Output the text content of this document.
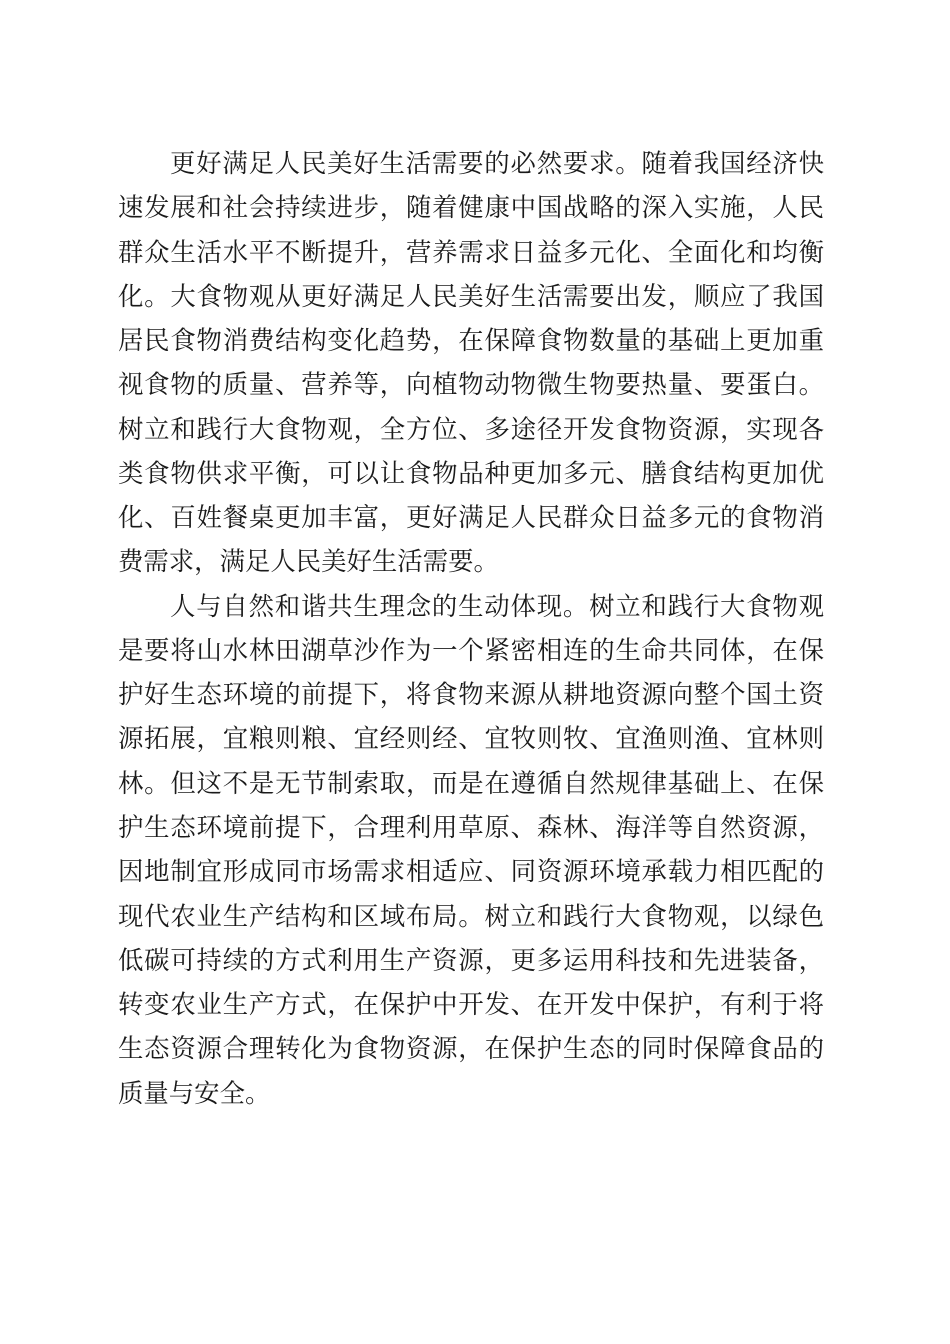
更好满足人民美好生活需要的必然要求。随着我国经济快
速发展和社会持续进步，随着健康中国战略的深入实施，人民
群众生活水平不断提升，营养需求日益多元化、全面化和均衡
化。大食物观从更好满足人民美好生活需要出发，顺应了我国
居民食物消费结构变化趋势，在保障食物数量的基础上更加重
视食物的质量、营养等，向植物动物微生物要热量、要蛋白。
树立和践行大食物观，全方位、多途径开发食物资源，实现各
类食物供求平衡，可以让食物品种更加多元、膳食结构更加优
化、百姓餐桌更加丰富，更好满足人民群众日益多元的食物消
费需求，满足人民美好生活需要。
人与自然和谐共生理念的生动体现。树立和践行大食物观
是要将山水林田湖草沙作为一个紧密相连的生命共同体，在保
护好生态环境的前提下，将食物来源从耕地资源向整个国土资
源拓展，宜粮则粮、宜经则经、宜牧则牧、宜渔则渔、宜林则
林。但这不是无节制索取，而是在遵循自然规律基础上、在保
护生态环境前提下，合理利用草原、森林、海洋等自然资源，
因地制宜形成同市场需求相适应、同资源环境承载力相匹配的
现代农业生产结构和区域布局。树立和践行大食物观，以绿色
低碳可持续的方式利用生产资源，更多运用科技和先进装备，
转变农业生产方式，在保护中开发、在开发中保护，有利于将
生态资源合理转化为食物资源，在保护生态的同时保障食品的
质量与安全。
